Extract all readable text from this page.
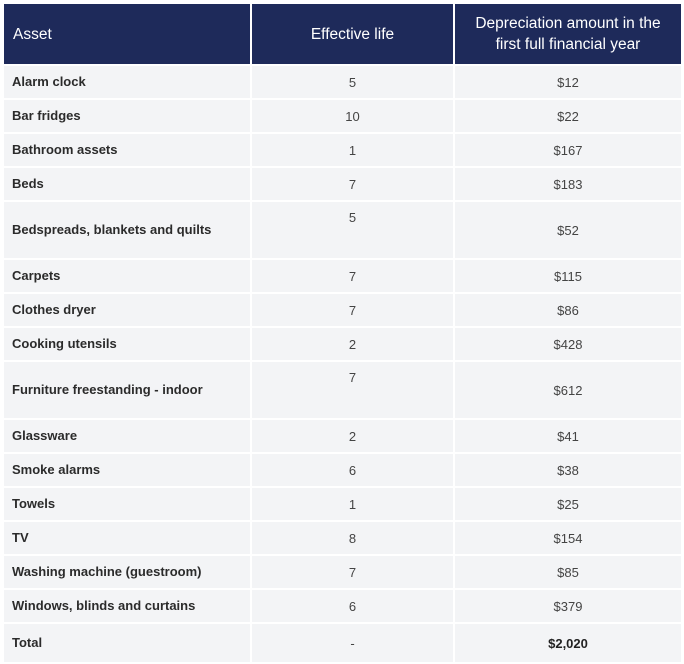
Asset	Effective life	Depreciation amount in the first full financial year

Alarm clock	5	$12
Bar fridges	10	$22
Bathroom assets	1	$167
Beds	7	$183
Bedspreads, blankets and quilts	5	$52
Carpets	7	$115
Clothes dryer	7	$86
Cooking utensils	2	$428
Furniture freestanding - indoor	7	$612
Glassware	2	$41
Smoke alarms	6	$38
Towels	1	$25
TV	8	$154
Washing machine (guestroom)	7	$85
Windows, blinds and curtains	6	$379
Total	-	$2,020
